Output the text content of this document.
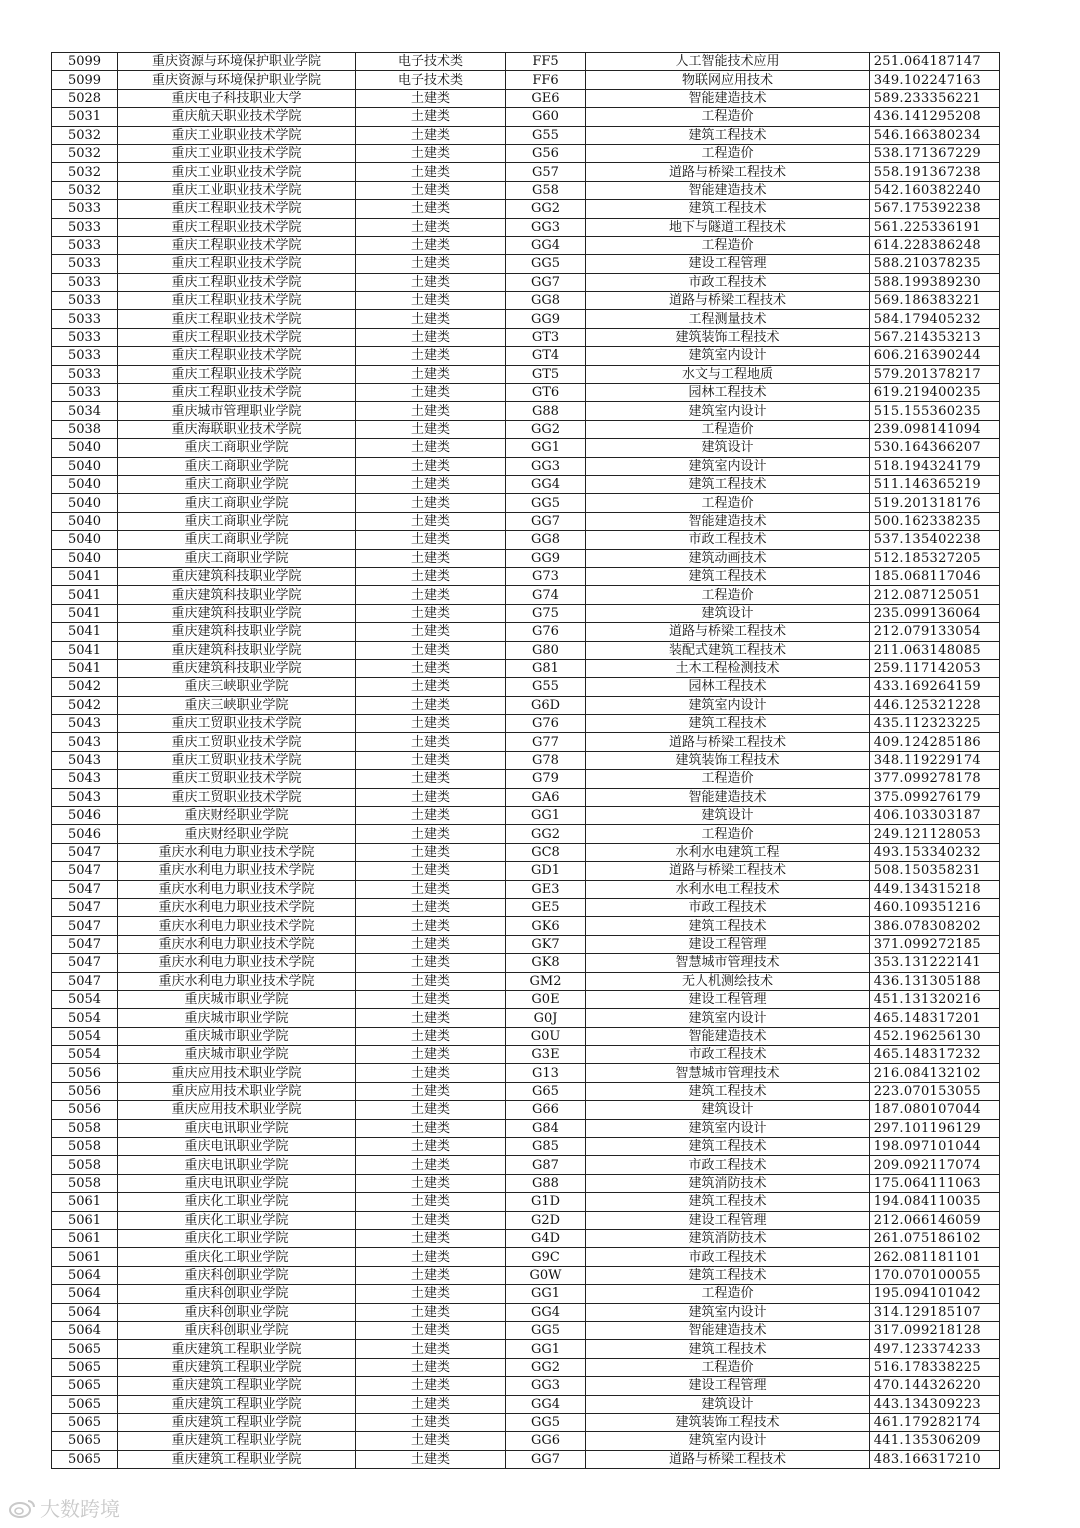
5099	重庆资源与环境保护职业学院	电子技术类	FF5	人工智能技术应用	251.064187147
5099	重庆资源与环境保护职业学院	电子技术类	FF6	物联网应用技术	349.102247163
5028	重庆电子科技职业大学	土建类	GE6	智能建造技术	589.233356221
5031	重庆航天职业技术学院	土建类	G60	工程造价	436.141295208
5032	重庆工业职业技术学院	土建类	G55	建筑工程技术	546.166380234
5032	重庆工业职业技术学院	土建类	G56	工程造价	538.171367229
5032	重庆工业职业技术学院	土建类	G57	道路与桥梁工程技术	558.191367238
5032	重庆工业职业技术学院	土建类	G58	智能建造技术	542.160382240
5033	重庆工程职业技术学院	土建类	GG2	建筑工程技术	567.175392238
5033	重庆工程职业技术学院	土建类	GG3	地下与隧道工程技术	561.225336191
5033	重庆工程职业技术学院	土建类	GG4	工程造价	614.228386248
5033	重庆工程职业技术学院	土建类	GG5	建设工程管理	588.210378235
5033	重庆工程职业技术学院	土建类	GG7	市政工程技术	588.199389230
5033	重庆工程职业技术学院	土建类	GG8	道路与桥梁工程技术	569.186383221
5033	重庆工程职业技术学院	土建类	GG9	工程测量技术	584.179405232
5033	重庆工程职业技术学院	土建类	GT3	建筑装饰工程技术	567.214353213
5033	重庆工程职业技术学院	土建类	GT4	建筑室内设计	606.216390244
5033	重庆工程职业技术学院	土建类	GT5	水文与工程地质	579.201378217
5033	重庆工程职业技术学院	土建类	GT6	园林工程技术	619.219400235
5034	重庆城市管理职业学院	土建类	G88	建筑室内设计	515.155360235
5038	重庆海联职业技术学院	土建类	GG2	工程造价	239.098141094
5040	重庆工商职业学院	土建类	GG1	建筑设计	530.164366207
5040	重庆工商职业学院	土建类	GG3	建筑室内设计	518.194324179
5040	重庆工商职业学院	土建类	GG4	建筑工程技术	511.146365219
5040	重庆工商职业学院	土建类	GG5	工程造价	519.201318176
5040	重庆工商职业学院	土建类	GG7	智能建造技术	500.162338235
5040	重庆工商职业学院	土建类	GG8	市政工程技术	537.135402238
5040	重庆工商职业学院	土建类	GG9	建筑动画技术	512.185327205
5041	重庆建筑科技职业学院	土建类	G73	建筑工程技术	185.068117046
5041	重庆建筑科技职业学院	土建类	G74	工程造价	212.087125051
5041	重庆建筑科技职业学院	土建类	G75	建筑设计	235.099136064
5041	重庆建筑科技职业学院	土建类	G76	道路与桥梁工程技术	212.079133054
5041	重庆建筑科技职业学院	土建类	G80	装配式建筑工程技术	211.063148085
5041	重庆建筑科技职业学院	土建类	G81	土木工程检测技术	259.117142053
5042	重庆三峡职业学院	土建类	G55	园林工程技术	433.169264159
5042	重庆三峡职业学院	土建类	G6D	建筑室内设计	446.125321228
5043	重庆工贸职业技术学院	土建类	G76	建筑工程技术	435.112323225
5043	重庆工贸职业技术学院	土建类	G77	道路与桥梁工程技术	409.124285186
5043	重庆工贸职业技术学院	土建类	G78	建筑装饰工程技术	348.119229174
5043	重庆工贸职业技术学院	土建类	G79	工程造价	377.099278178
5043	重庆工贸职业技术学院	土建类	GA6	智能建造技术	375.099276179
5046	重庆财经职业学院	土建类	GG1	建筑设计	406.103303187
5046	重庆财经职业学院	土建类	GG2	工程造价	249.121128053
5047	重庆水利电力职业技术学院	土建类	GC8	水利水电建筑工程	493.153340232
5047	重庆水利电力职业技术学院	土建类	GD1	道路与桥梁工程技术	508.150358231
5047	重庆水利电力职业技术学院	土建类	GE3	水利水电工程技术	449.134315218
5047	重庆水利电力职业技术学院	土建类	GE5	市政工程技术	460.109351216
5047	重庆水利电力职业技术学院	土建类	GK6	建筑工程技术	386.078308202
5047	重庆水利电力职业技术学院	土建类	GK7	建设工程管理	371.099272185
5047	重庆水利电力职业技术学院	土建类	GK8	智慧城市管理技术	353.131222141
5047	重庆水利电力职业技术学院	土建类	GM2	无人机测绘技术	436.131305188
5054	重庆城市职业学院	土建类	G0E	建设工程管理	451.131320216
5054	重庆城市职业学院	土建类	G0J	建筑室内设计	465.148317201
5054	重庆城市职业学院	土建类	G0U	智能建造技术	452.196256130
5054	重庆城市职业学院	土建类	G3E	市政工程技术	465.148317232
5056	重庆应用技术职业学院	土建类	G13	智慧城市管理技术	216.084132102
5056	重庆应用技术职业学院	土建类	G65	建筑工程技术	223.070153055
5056	重庆应用技术职业学院	土建类	G66	建筑设计	187.080107044
5058	重庆电讯职业学院	土建类	G84	建筑室内设计	297.101196129
5058	重庆电讯职业学院	土建类	G85	建筑工程技术	198.097101044
5058	重庆电讯职业学院	土建类	G87	市政工程技术	209.092117074
5058	重庆电讯职业学院	土建类	G88	建筑消防技术	175.064111063
5061	重庆化工职业学院	土建类	G1D	建筑工程技术	194.084110035
5061	重庆化工职业学院	土建类	G2D	建设工程管理	212.066146059
5061	重庆化工职业学院	土建类	G4D	建筑消防技术	261.075186102
5061	重庆化工职业学院	土建类	G9C	市政工程技术	262.081181101
5064	重庆科创职业学院	土建类	G0W	建筑工程技术	170.070100055
5064	重庆科创职业学院	土建类	GG1	工程造价	195.094101042
5064	重庆科创职业学院	土建类	GG4	建筑室内设计	314.129185107
5064	重庆科创职业学院	土建类	GG5	智能建造技术	317.099218128
5065	重庆建筑工程职业学院	土建类	GG1	建筑工程技术	497.123374233
5065	重庆建筑工程职业学院	土建类	GG2	工程造价	516.178338225
5065	重庆建筑工程职业学院	土建类	GG3	建设工程管理	470.144326220
5065	重庆建筑工程职业学院	土建类	GG4	建筑设计	443.134309223
5065	重庆建筑工程职业学院	土建类	GG5	建筑装饰工程技术	461.179282174
5065	重庆建筑工程职业学院	土建类	GG6	建筑室内设计	441.135306209
5065	重庆建筑工程职业学院	土建类	GG7	道路与桥梁工程技术	483.166317210
大数跨境
